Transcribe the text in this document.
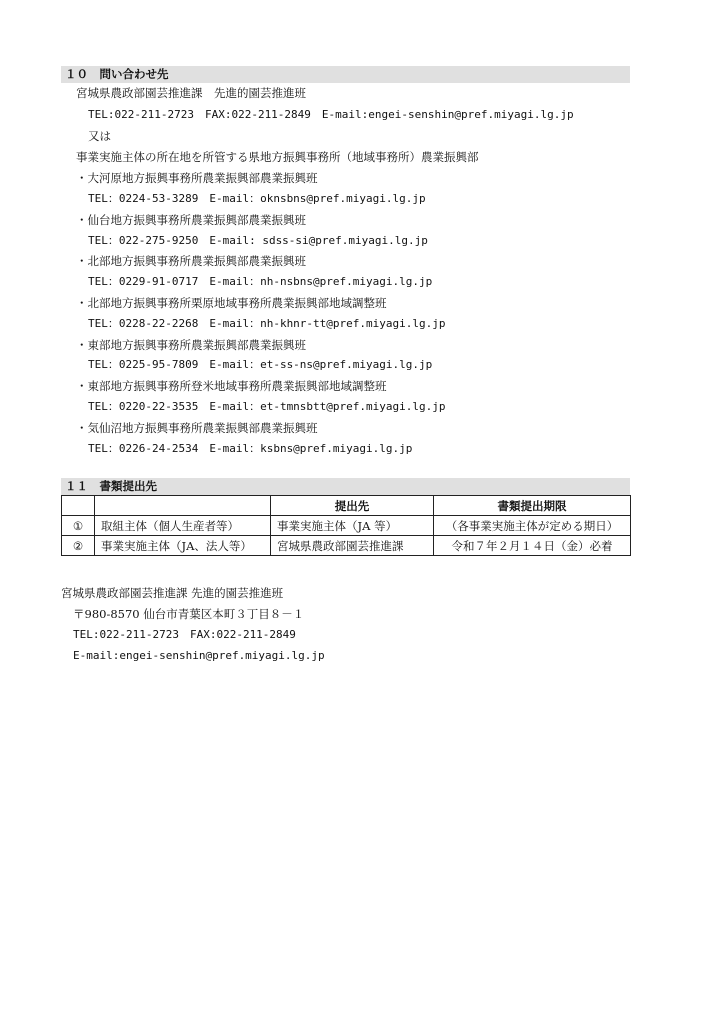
１０　問い合わせ先
宮城県農政部園芸推進課　先進的園芸推進班
TEL:022-211-2723　FAX:022-211-2849　E-mail:engei-senshin@pref.miyagi.lg.jp
又は
事業実施主体の所在地を所管する県地方振興事務所（地域事務所）農業振興部
・大河原地方振興事務所農業振興部農業振興班
TEL：0224-53-3289　E-mail：oknsbns@pref.miyagi.lg.jp
・仙台地方振興事務所農業振興部農業振興班
TEL：022-275-9250　E-mail: sdss-si@pref.miyagi.lg.jp
・北部地方振興事務所農業振興部農業振興班
TEL：0229-91-0717　E-mail：nh-nsbns@pref.miyagi.lg.jp
・北部地方振興事務所栗原地域事務所農業振興部地域調整班
TEL：0228-22-2268　E-mail：nh-khnr-tt@pref.miyagi.lg.jp
・東部地方振興事務所農業振興部農業振興班
TEL：0225-95-7809　E-mail：et-ss-ns@pref.miyagi.lg.jp
・東部地方振興事務所登米地域事務所農業振興部地域調整班
TEL：0220-22-3535　E-mail：et-tmnsbtt@pref.miyagi.lg.jp
・気仙沼地方振興事務所農業振興部農業振興班
TEL：0226-24-2534　E-mail：ksbns@pref.miyagi.lg.jp
１１　書類提出先
		提出先	書類提出期限
①	取組主体（個人生産者等）	事業実施主体（JA 等）	（各事業実施主体が定める期日）
②	事業実施主体（JA、法人等）	宮城県農政部園芸推進課	令和７年２月１４日（金）必着
宮城県農政部園芸推進課 先進的園芸推進班
〒980-8570 仙台市青葉区本町３丁目８－１
TEL:022-211-2723　FAX:022-211-2849
E-mail:engei-senshin@pref.miyagi.lg.jp
